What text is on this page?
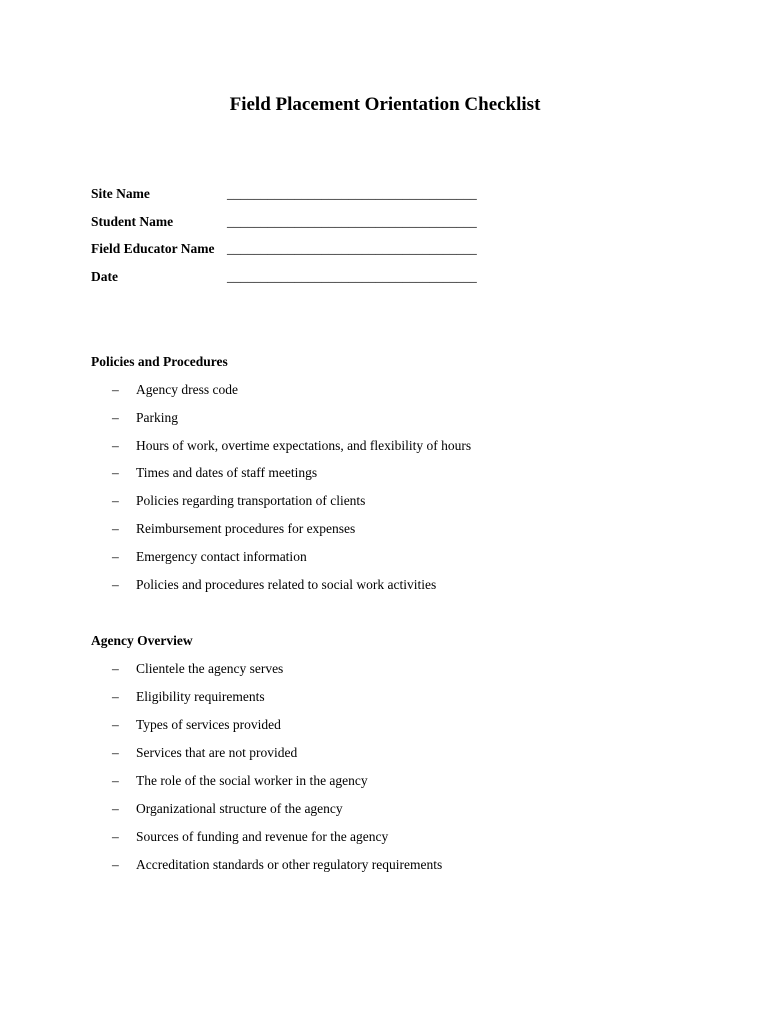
Field Placement Orientation Checklist
Site Name	_____________________________________
Student Name	_____________________________________
Field Educator Name _____________________________________
Date	_____________________________________
Policies and Procedures
– Agency dress code
– Parking
– Hours of work, overtime expectations, and flexibility of hours
– Times and dates of staff meetings
– Policies regarding transportation of clients
– Reimbursement procedures for expenses
– Emergency contact information
– Policies and procedures related to social work activities
Agency Overview
– Clientele the agency serves
– Eligibility requirements
– Types of services provided
– Services that are not provided
– The role of the social worker in the agency
– Organizational structure of the agency
– Sources of funding and revenue for the agency
– Accreditation standards or other regulatory requirements
